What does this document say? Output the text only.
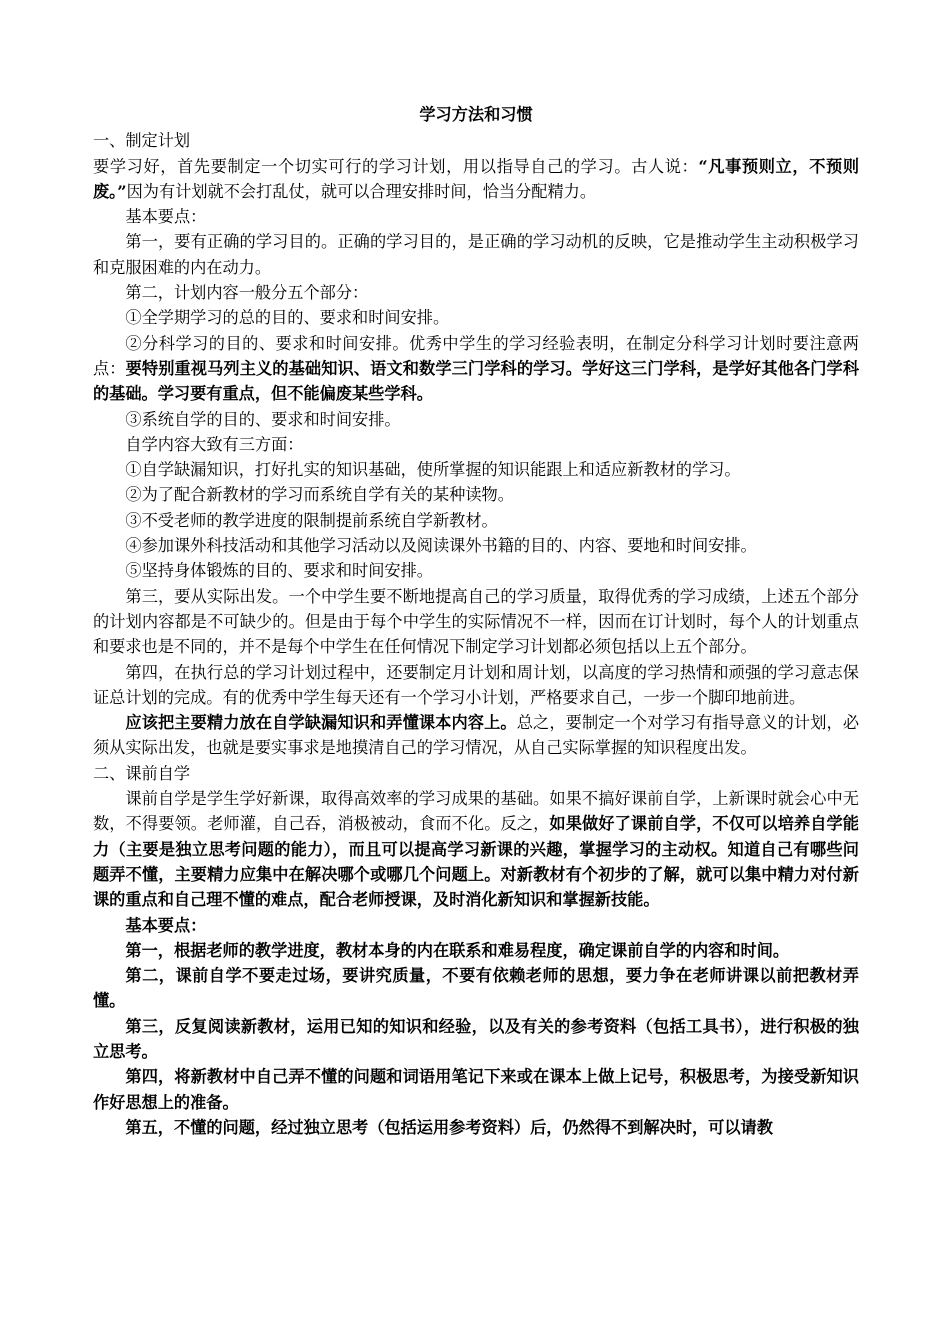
学习方法和习惯

一、制定计划

要学习好，首先要制定一个切实可行的学习计划，用以指导自己的学习。古人说：“凡事预则立，不预则废。”因为有计划就不会打乱仗，就可以合理安排时间，恰当分配精力。

基本要点：

第一，要有正确的学习目的。正确的学习目的，是正确的学习动机的反映，它是推动学生主动积极学习和克服困难的内在动力。

第二，计划内容一般分五个部分：

①全学期学习的总的目的、要求和时间安排。

②分科学习的目的、要求和时间安排。优秀中学生的学习经验表明，在制定分科学习计划时要注意两点：要特别重视马列主义的基础知识、语文和数学三门学科的学习。学好这三门学科，是学好其他各门学科的基础。学习要有重点，但不能偏废某些学科。

③系统自学的目的、要求和时间安排。

自学内容大致有三方面：

①自学缺漏知识，打好扎实的知识基础，使所掌握的知识能跟上和适应新教材的学习。

②为了配合新教材的学习而系统自学有关的某种读物。

③不受老师的教学进度的限制提前系统自学新教材。

④参加课外科技活动和其他学习活动以及阅读课外书籍的目的、内容、要地和时间安排。

⑤坚持身体锻炼的目的、要求和时间安排。

第三，要从实际出发。一个中学生要不断地提高自己的学习质量，取得优秀的学习成绩，上述五个部分的计划内容都是不可缺少的。但是由于每个中学生的实际情况不一样，因而在订计划时，每个人的计划重点和要求也是不同的，并不是每个中学生在任何情况下制定学习计划都必须包括以上五个部分。

第四，在执行总的学习计划过程中，还要制定月计划和周计划，以高度的学习热情和顽强的学习意志保证总计划的完成。有的优秀中学生每天还有一个学习小计划，严格要求自己，一步一个脚印地前进。

应该把主要精力放在自学缺漏知识和弄懂课本内容上。总之，要制定一个对学习有指导意义的计划，必须从实际出发，也就是要实事求是地摸清自己的学习情况，从自己实际掌握的知识程度出发。

二、课前自学

课前自学是学生学好新课，取得高效率的学习成果的基础。如果不搞好课前自学，上新课时就会心中无数，不得要领。老师灌，自己吞，消极被动，食而不化。反之，如果做好了课前自学，不仅可以培养自学能力（主要是独立思考问题的能力），而且可以提高学习新课的兴趣，掌握学习的主动权。知道自己有哪些问题弄不懂，主要精力应集中在解决哪个或哪几个问题上。对新教材有个初步的了解，就可以集中精力对付新课的重点和自己理不懂的难点，配合老师授课，及时消化新知识和掌握新技能。

基本要点：

第一，根据老师的教学进度，教材本身的内在联系和难易程度，确定课前自学的内容和时间。

第二，课前自学不要走过场，要讲究质量，不要有依赖老师的思想，要力争在老师讲课以前把教材弄懂。

第三，反复阅读新教材，运用已知的知识和经验，以及有关的参考资料（包括工具书），进行积极的独立思考。

第四，将新教材中自己弄不懂的问题和词语用笔记下来或在课本上做上记号，积极思考，为接受新知识作好思想上的准备。

第五，不懂的问题，经过独立思考（包括运用参考资料）后，仍然得不到解决时，可以请教
